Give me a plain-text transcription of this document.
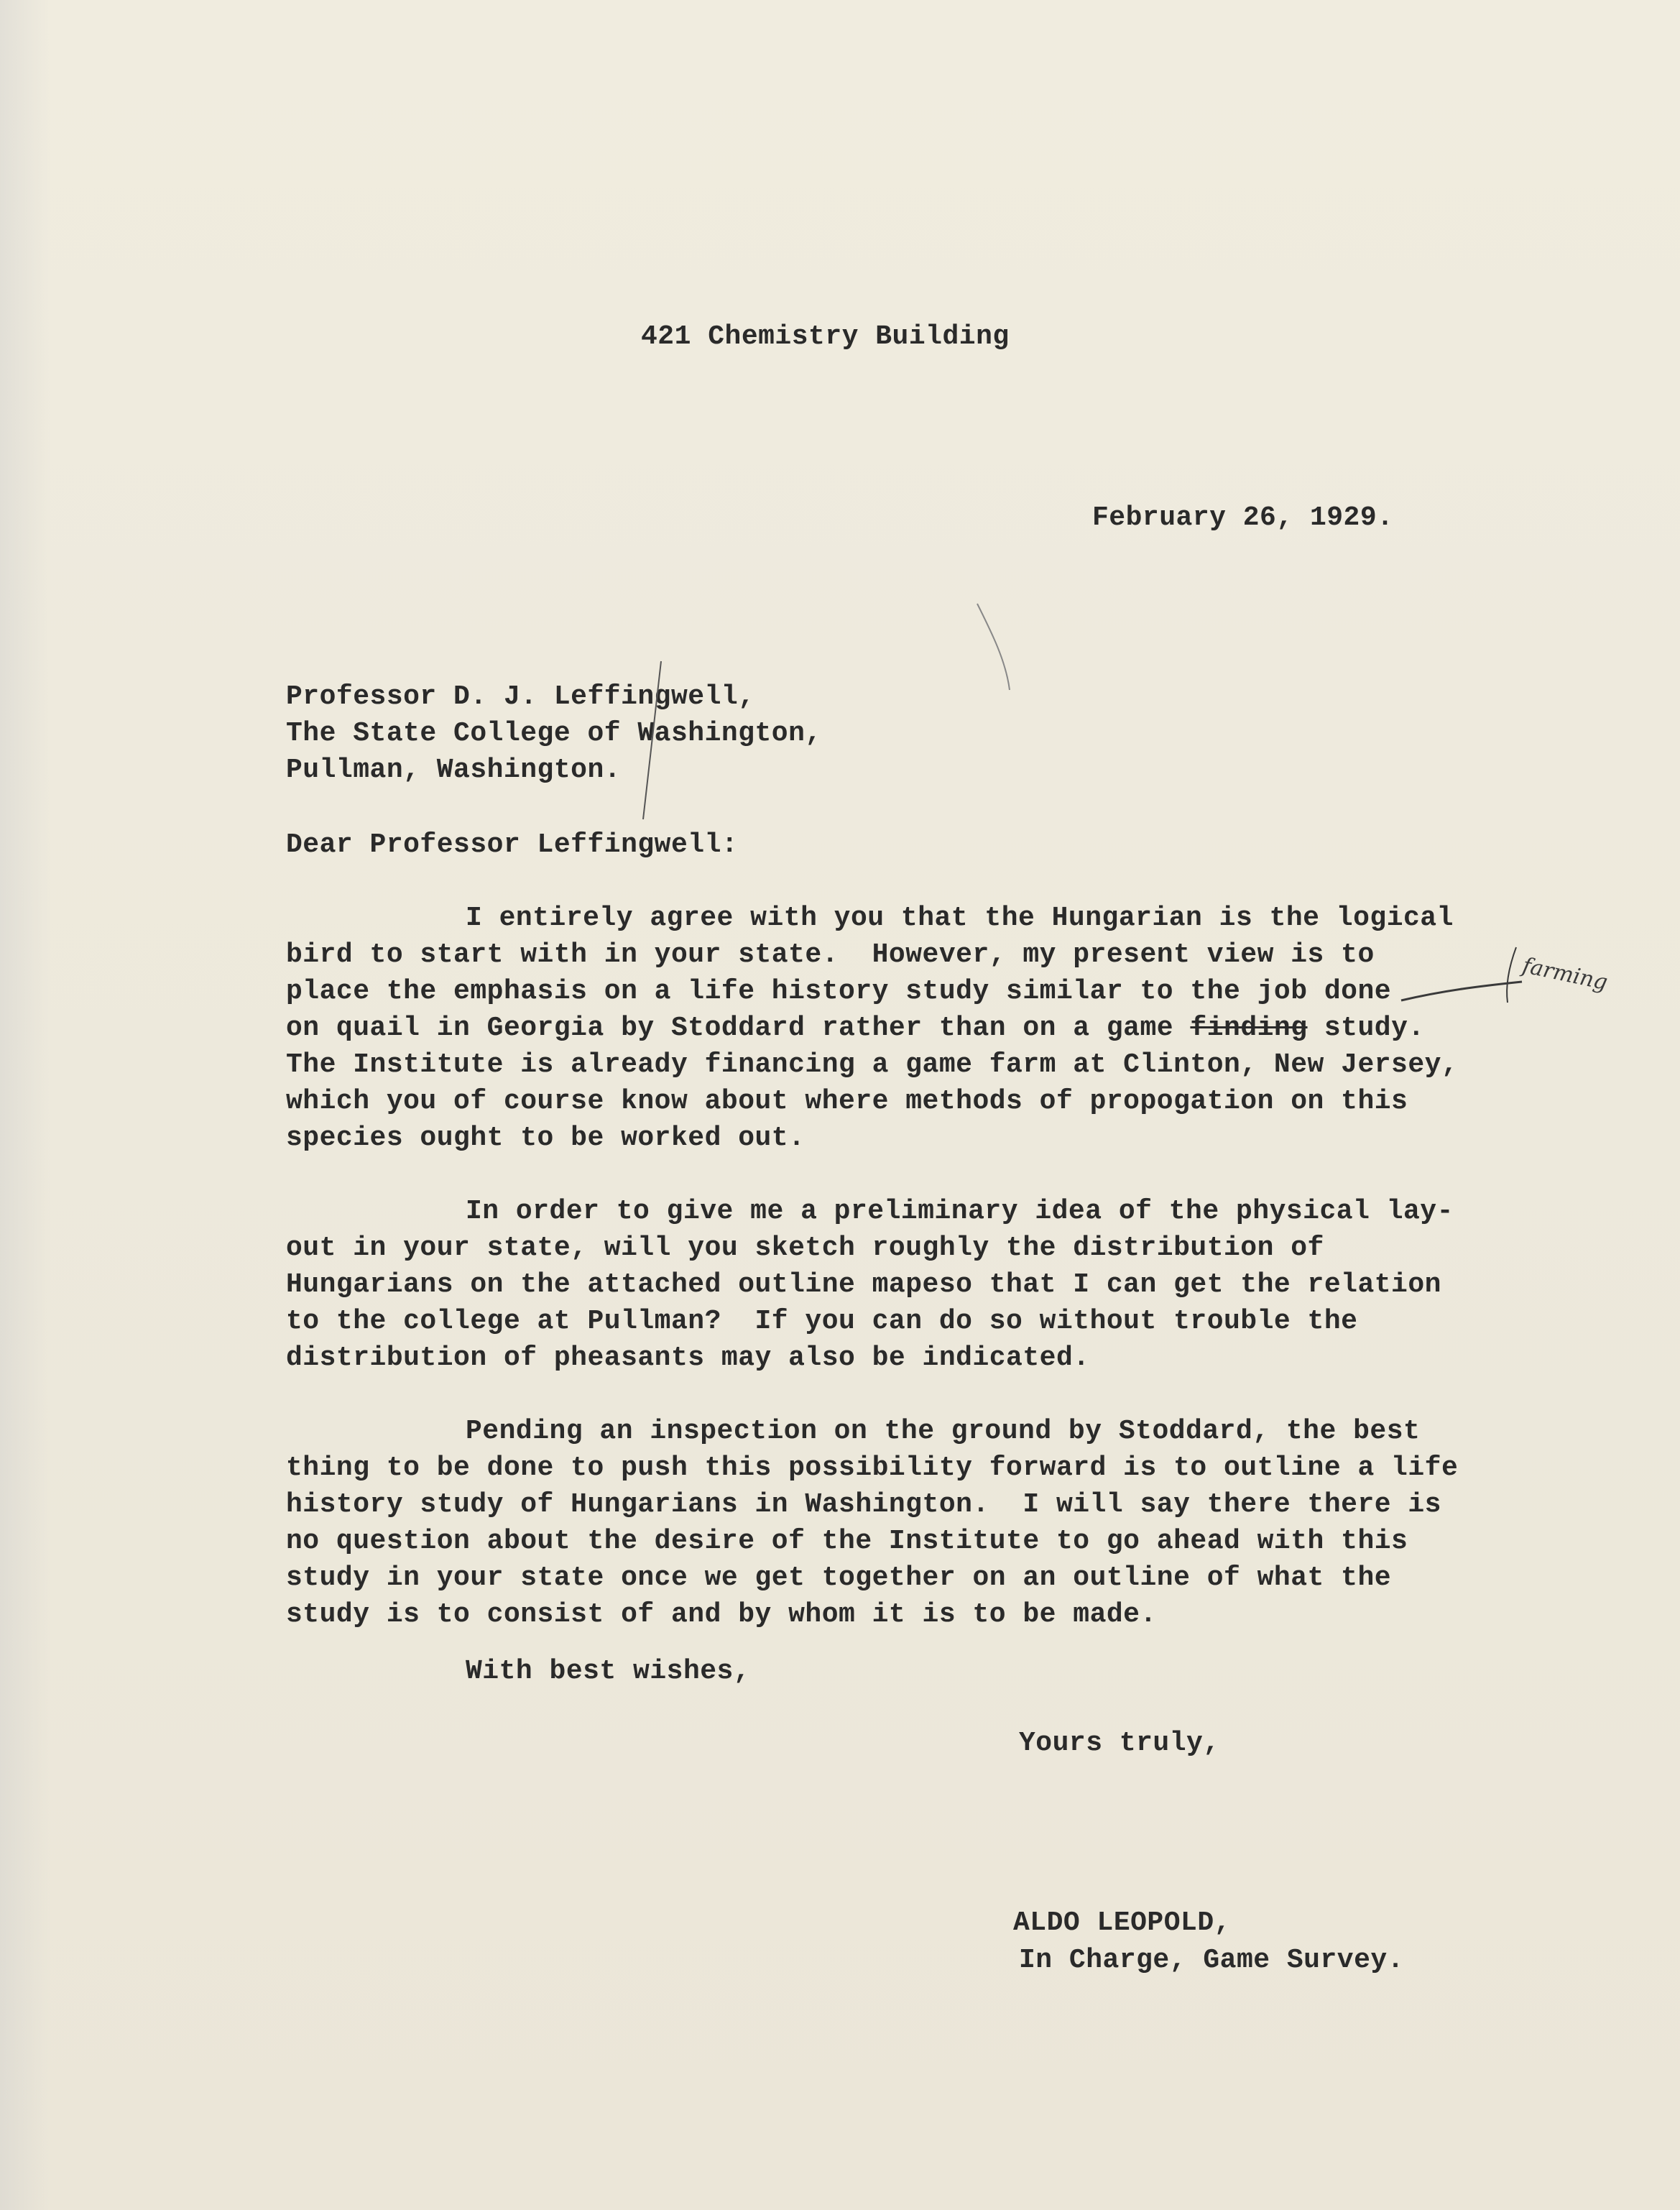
421 Chemistry Building
February 26, 1929.
Professor D. J. Leffingwell,
The State College of Washington,
Pullman, Washington.
Dear Professor Leffingwell:
I entirely agree with you that the Hungarian is the logical
bird to start with in your state.  However, my present view is to
place the emphasis on a life history study similar to the job done
on quail in Georgia by Stoddard rather than on a game finding study.
The Institute is already financing a game farm at Clinton, New Jersey,
which you of course know about where methods of propogation on this
species ought to be worked out.
farming
In order to give me a preliminary idea of the physical lay-
out in your state, will you sketch roughly the distribution of
Hungarians on the attached outline mapeso that I can get the relation
to the college at Pullman?  If you can do so without trouble the
distribution of pheasants may also be indicated.
Pending an inspection on the ground by Stoddard, the best
thing to be done to push this possibility forward is to outline a life
history study of Hungarians in Washington.  I will say there there is
no question about the desire of the Institute to go ahead with this
study in your state once we get together on an outline of what the
study is to consist of and by whom it is to be made.
With best wishes,
Yours truly,
ALDO LEOPOLD,
In Charge, Game Survey.
